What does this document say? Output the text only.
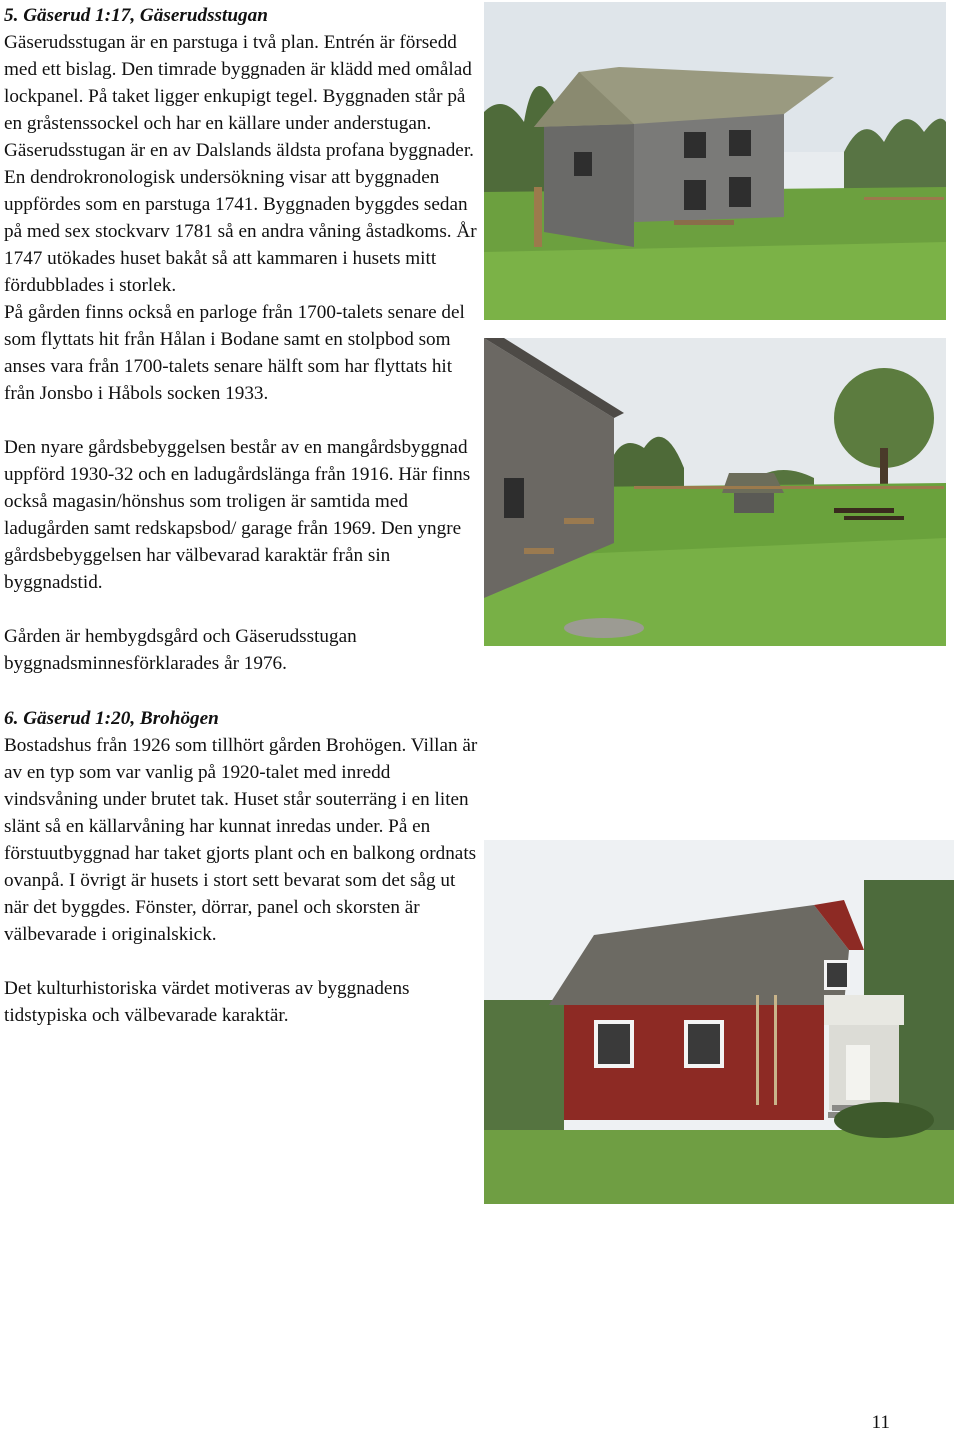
5. Gäserud 1:17, Gäserudsstugan

Gäserudsstugan är en parstuga i två plan. Entrén är försedd med ett bislag. Den timrade byggnaden är klädd med omålad lockpanel. På taket ligger enkupigt tegel. Byggnaden står på en gråstenssockel och har en källare under anderstugan. Gäserudsstugan är en av Dalslands äldsta profana byggnader. En dendrokronologisk undersökning visar att byggnaden uppfördes som en parstuga 1741. Byggnaden byggdes sedan på med sex stockvarv 1781 så en andra våning åstadkoms. År 1747 utökades huset bakåt så att kammaren i husets mitt fördubblades i storlek.

På gården finns också en parloge från 1700-talets senare del som flyttats hit från Hålan i Bodane samt en stolpbod som anses vara från 1700-talets senare hälft som har flyttats hit från Jonsbo i Håbols socken 1933.

Den nyare gårdsbebyggelsen består av en mangårdsbyggnad uppförd 1930-32 och en ladugårdslänga från 1916. Här finns också magasin/hönshus som troligen är samtida med ladugården samt redskapsbod/ garage från 1969. Den yngre gårdsbebyggelsen har välbevarad karaktär från sin byggnadstid.

Gården är hembygdsgård och Gäserudsstugan byggnadsminnesförklarades år 1976.

6. Gäserud 1:20, Brohögen

Bostadshus från 1926 som tillhört gården Brohögen. Villan är av en typ som var vanlig på 1920-talet med inredd vindsvåning under brutet tak. Huset står souterräng i en liten slänt så en källarvåning har kunnat inredas under. På en förstuutbyggnad har taket gjorts plant och en balkong ordnats ovanpå. I övrigt är husets i stort sett bevarat som det såg ut när det byggdes. Fönster, dörrar, panel och skorsten är välbevarade i originalskick.

Det kulturhistoriska värdet motiveras av byggnadens tidstypiska och välbevarade karaktär.

11
